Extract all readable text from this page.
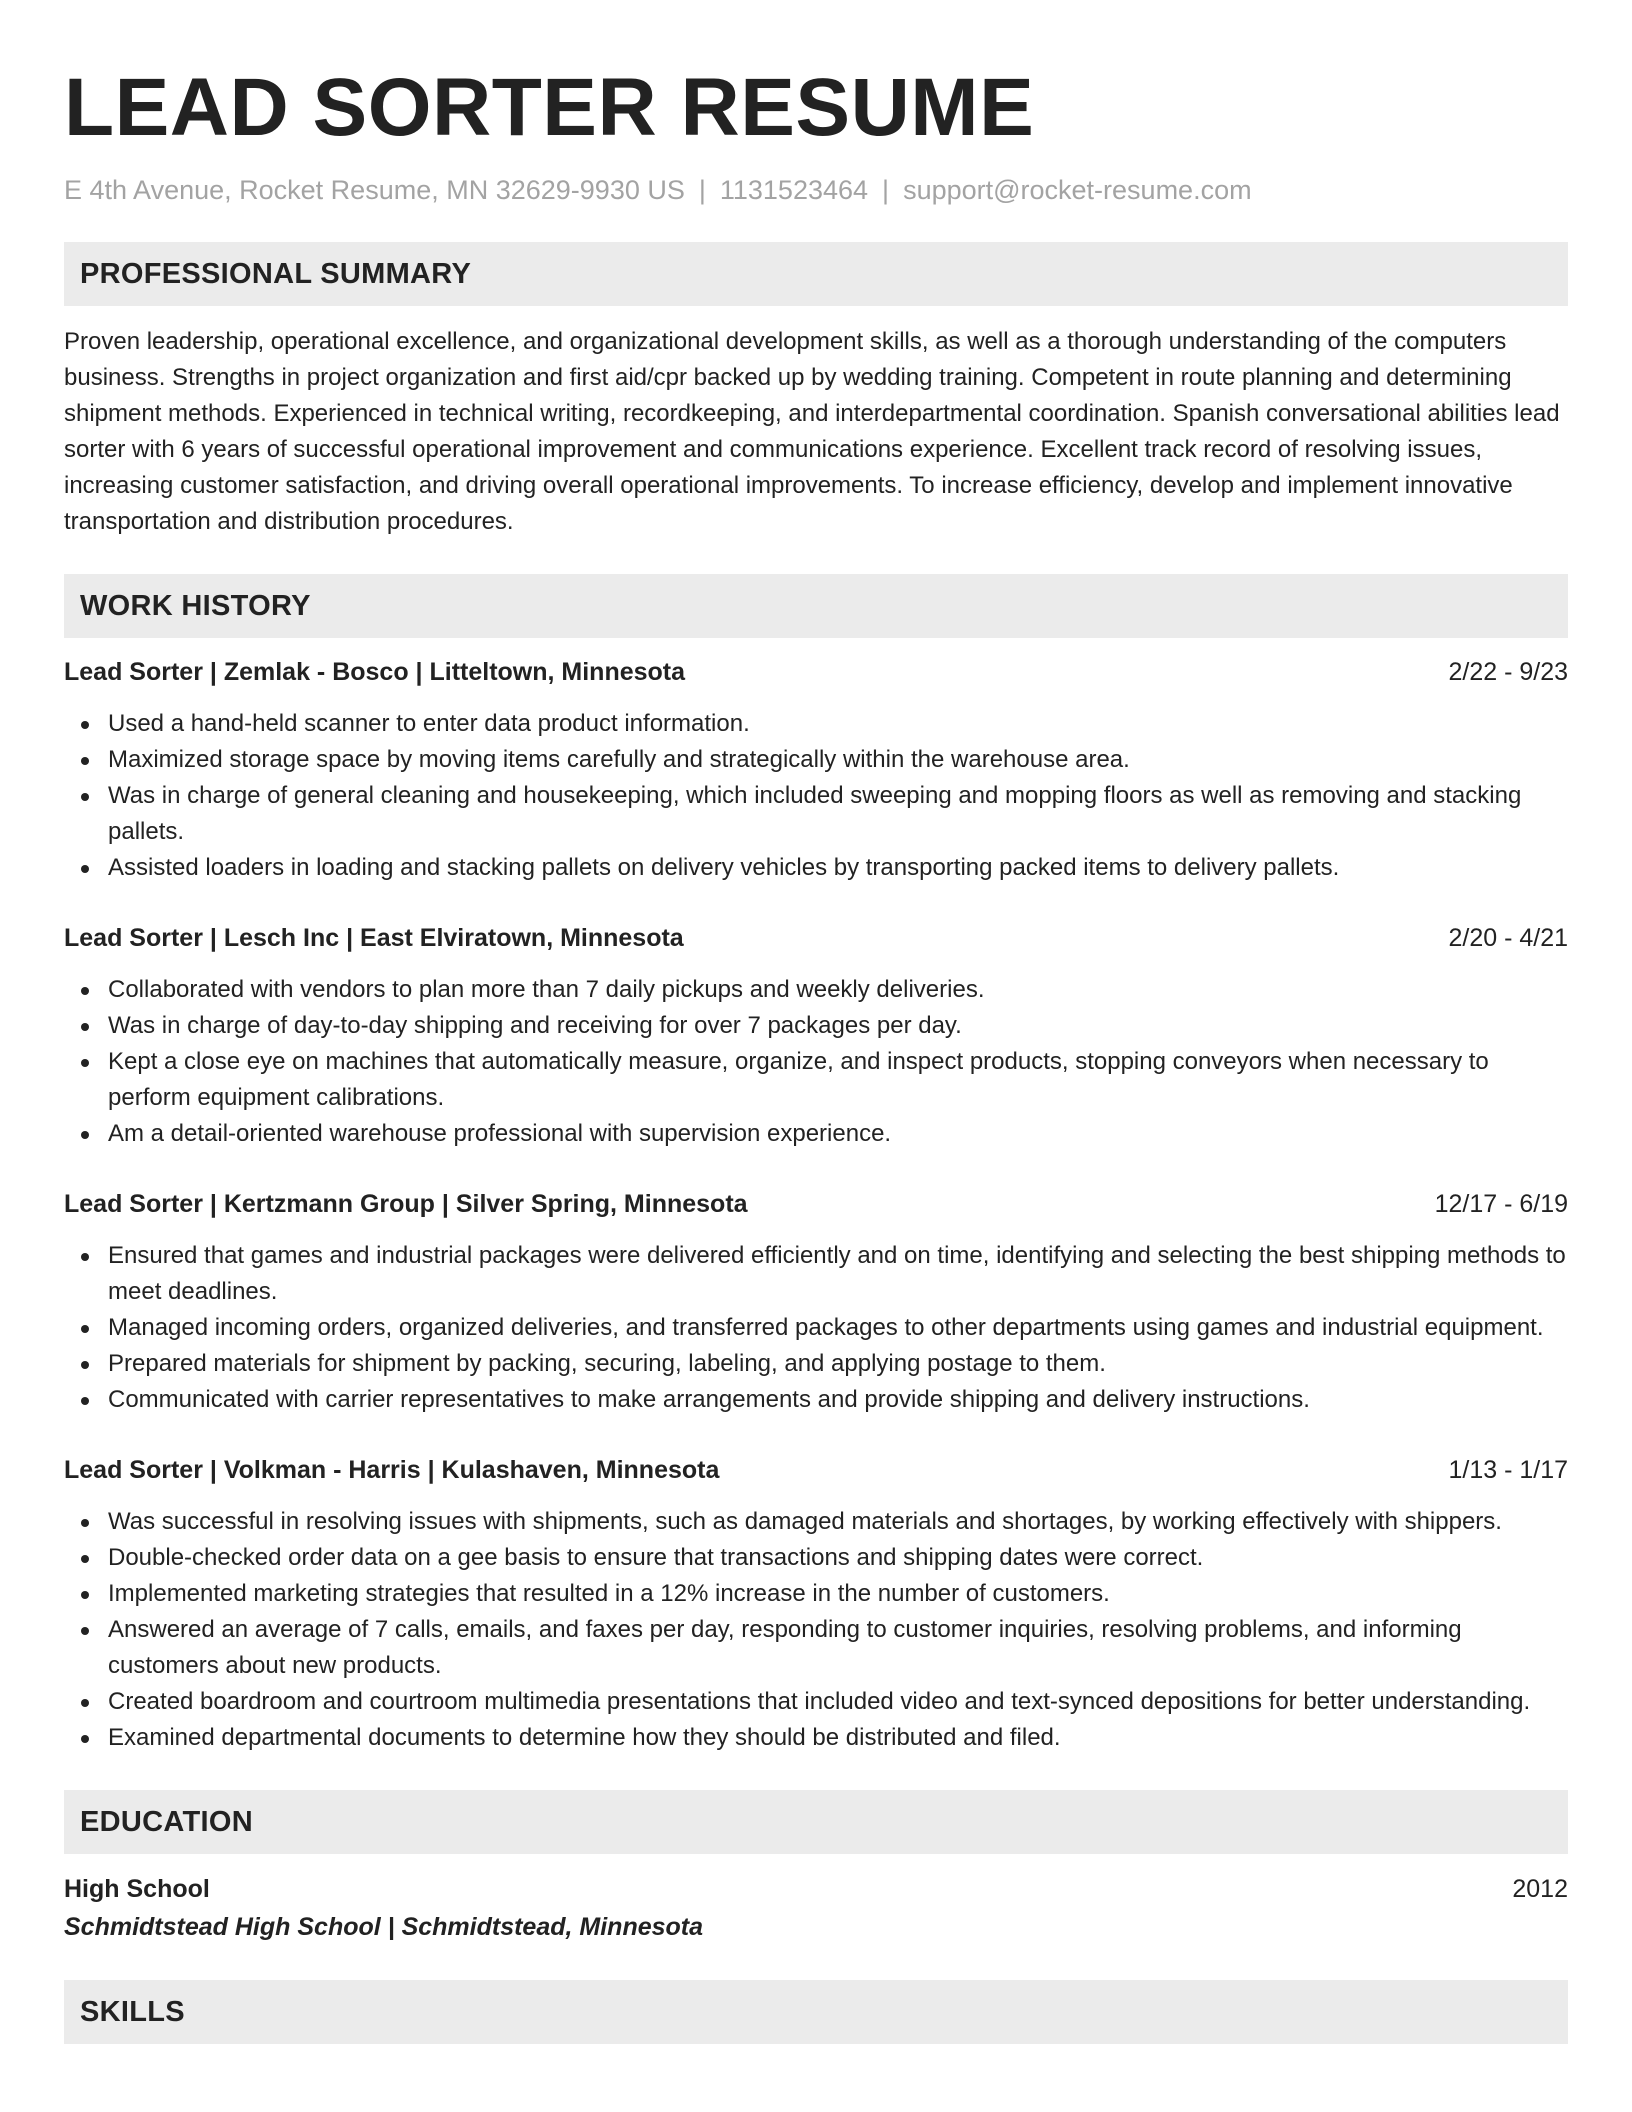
LEAD SORTER RESUME
E 4th Avenue, Rocket Resume, MN 32629-9930 US | 1131523464 | support@rocket-resume.com
PROFESSIONAL SUMMARY

Proven leadership, operational excellence, and organizational development skills, as well as a thorough understanding of the computers business. Strengths in project organization and first aid/cpr backed up by wedding training. Competent in route planning and determining shipment methods. Experienced in technical writing, recordkeeping, and interdepartmental coordination. Spanish conversational abilities lead sorter with 6 years of successful operational improvement and communications experience. Excellent track record of resolving issues, increasing customer satisfaction, and driving overall operational improvements. To increase efficiency, develop and implement innovative transportation and distribution procedures.

WORK HISTORY
Lead Sorter | Zemlak - Bosco | Litteltown, Minnesota	2/22 - 9/23
Used a hand-held scanner to enter data product information.
Maximized storage space by moving items carefully and strategically within the warehouse area.
Was in charge of general cleaning and housekeeping, which included sweeping and mopping floors as well as removing and stacking pallets.
Assisted loaders in loading and stacking pallets on delivery vehicles by transporting packed items to delivery pallets.
Lead Sorter | Lesch Inc | East Elviratown, Minnesota	2/20 - 4/21
Collaborated with vendors to plan more than 7 daily pickups and weekly deliveries.
Was in charge of day-to-day shipping and receiving for over 7 packages per day.
Kept a close eye on machines that automatically measure, organize, and inspect products, stopping conveyors when necessary to perform equipment calibrations.
Am a detail-oriented warehouse professional with supervision experience.
Lead Sorter | Kertzmann Group | Silver Spring, Minnesota	12/17 - 6/19
Ensured that games and industrial packages were delivered efficiently and on time, identifying and selecting the best shipping methods to meet deadlines.
Managed incoming orders, organized deliveries, and transferred packages to other departments using games and industrial equipment.
Prepared materials for shipment by packing, securing, labeling, and applying postage to them.
Communicated with carrier representatives to make arrangements and provide shipping and delivery instructions.
Lead Sorter | Volkman - Harris | Kulashaven, Minnesota	1/13 - 1/17
Was successful in resolving issues with shipments, such as damaged materials and shortages, by working effectively with shippers.
Double-checked order data on a gee basis to ensure that transactions and shipping dates were correct.
Implemented marketing strategies that resulted in a 12% increase in the number of customers.
Answered an average of 7 calls, emails, and faxes per day, responding to customer inquiries, resolving problems, and informing customers about new products.
Created boardroom and courtroom multimedia presentations that included video and text-synced depositions for better understanding.
Examined departmental documents to determine how they should be distributed and filed.
EDUCATION
High School	2012
Schmidtstead High School | Schmidtstead, Minnesota
SKILLS
